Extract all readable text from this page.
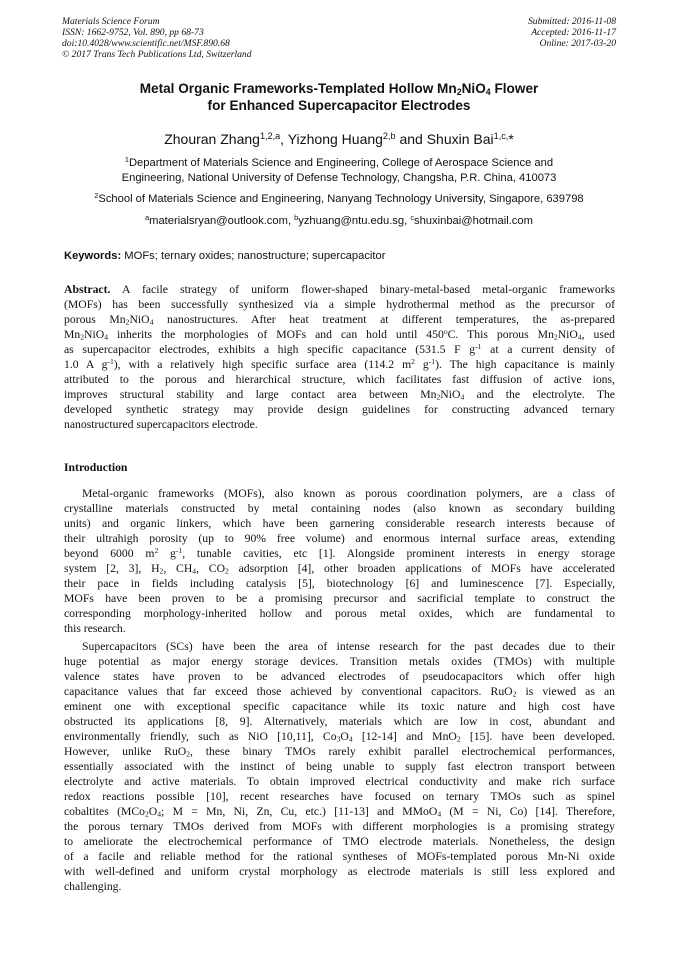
Materials Science Forum
ISSN: 1662-9752, Vol. 890, pp 68-73
doi:10.4028/www.scientific.net/MSF.890.68
© 2017 Trans Tech Publications Ltd, Switzerland
Submitted: 2016-11-08
Accepted: 2016-11-17
Online: 2017-03-20
Metal Organic Frameworks-Templated Hollow $Mn_2NiO_4$ Flower
for Enhanced Supercapacitor Electrodes
Zhouran Zhang$^{1,2,a}$, Yizhong Huang$^{2,b}$ and Shuxin Bai$^{1,c,}$*
$^1$Department of Materials Science and Engineering, College of Aerospace Science and
Engineering, National University of Defense Technology, Changsha, P.R. China, 410073
$^2$School of Materials Science and Engineering, Nanyang Technology University, Singapore, 639798
$^a$materialsryan@outlook.com, $^b$yzhuang@ntu.edu.sg, $^c$shuxinbai@hotmail.com
Keywords: MOFs; ternary oxides; nanostructure; supercapacitor
Abstract. A facile strategy of uniform flower-shaped binary-metal-based metal-organic frameworks
(MOFs) has been successfully synthesized via a simple hydrothermal method as the precursor of
porous $Mn_2NiO_4$ nanostructures. After heat treatment at different temperatures, the as-prepared
$Mn_2NiO_4$ inherits the morphologies of MOFs and can hold until 450$^o$C. This porous $Mn_2NiO_4$, used
as supercapacitor electrodes, exhibits a high specific capacitance (531.5 F $g^{-1}$ at a current density of
1.0 A $g^{-1}$), with a relatively high specific surface area (114.2 $m^2$ $g^{-1}$). The high capacitance is mainly
attributed to the porous and hierarchical structure, which facilitates fast diffusion of active ions,
improves structural stability and large contact area between $Mn_2NiO_4$ and the electrolyte. The
developed synthetic strategy may provide design guidelines for constructing advanced ternary
nanostructured supercapacitors electrode.
Introduction
Metal-organic frameworks (MOFs), also known as porous coordination polymers, are a class of
crystalline materials constructed by metal containing nodes (also known as secondary building
units) and organic linkers, which have been garnering considerable research interests because of
their ultrahigh porosity (up to 90% free volume) and enormous internal surface areas, extending
beyond 6000 $m^2$ $g^{-1}$, tunable cavities, etc [1]. Alongside prominent interests in energy storage
system [2, 3], $H_2$, $CH_4$, $CO_2$ adsorption [4], other broaden applications of MOFs have accelerated
their pace in fields including catalysis [5], biotechnology [6] and luminescence [7]. Especially,
MOFs have been proven to be a promising precursor and sacrificial template to construct the
corresponding morphology-inherited hollow and porous metal oxides, which are fundamental to
this research.
Supercapacitors (SCs) have been the area of intense research for the past decades due to their
huge potential as major energy storage devices. Transition metals oxides (TMOs) with multiple
valence states have proven to be advanced electrodes of pseudocapacitors which offer high
capacitance values that far exceed those achieved by conventional capacitors. RuO$_2$ is viewed as an
eminent one with exceptional specific capacitance while its toxic nature and high cost have
obstructed its applications [8, 9]. Alternatively, materials which are low in cost, abundant and
environmentally friendly, such as NiO [10,11], $Co_3O_4$ [12-14] and MnO$_2$ [15]. have been developed.
However, unlike RuO$_2$, these binary TMOs rarely exhibit parallel electrochemical performances,
essentially associated with the instinct of being unable to supply fast electron transport between
electrolyte and active materials. To obtain improved electrical conductivity and make rich surface
redox reactions possible [10], recent researches have focused on ternary TMOs such as spinel
cobaltites ($MCo_2O_4$; M = Mn, Ni, Zn, Cu, etc.) [11-13] and MMoO$_4$ (M = Ni, Co) [14]. Therefore,
the porous ternary TMOs derived from MOFs with different morphologies is a promising strategy
to ameliorate the electrochemical performance of TMO electrode materials. Nonetheless, the design
of a facile and reliable method for the rational syntheses of MOFs-templated porous Mn-Ni oxide
with well-defined and uniform crystal morphology as electrode materials is still less explored and
challenging.
